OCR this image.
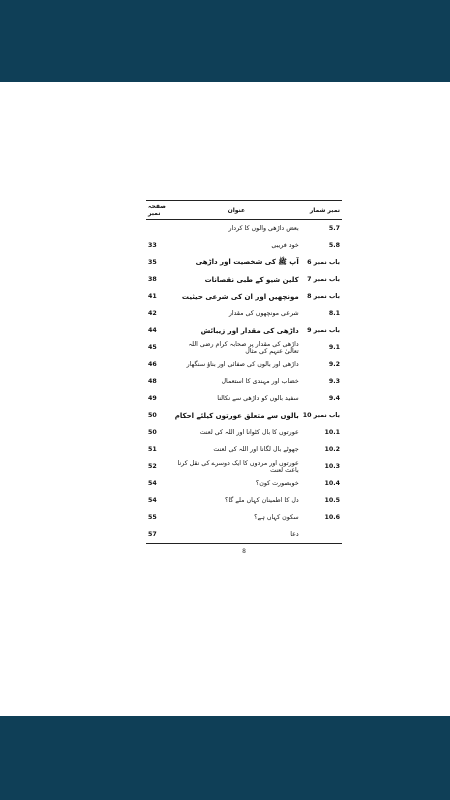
صفحہ نمبر	عنوان	نمبر شمار
	بعض داڑھی والوں کا کردار	5.7
33	خود فریبی	5.8
35	آپ ﷺ کی شخصیت اور داڑھی	باب نمبر 6
38	کلین شیو کے طبی نقصانات	باب نمبر 7
41	مونچھیں اور ان کی شرعی حیثیت	باب نمبر 8
42	شرعی مونچھوں کی مقدار	8.1
44	داڑھی کی مقدار اور زیبائش	باب نمبر 9
45	داڑھی کی مقدار پر صحابہ کرام رضی اللہ تعالیٰ عنہم کی مثال	9.1
46	داڑھی اور بالوں کی صفائی اور بناؤ سنگھار	9.2
48	خضاب اور مہندی کا استعمال	9.3
49	سفید بالوں کو داڑھی سے نکالنا	9.4
50	بالوں سے متعلق عورتوں کیلئے احکام	باب نمبر 10
50	عورتوں کا بال کٹوانا اور اللہ کی لعنت	10.1
51	جھوٹے بال لگانا اور اللہ کی لعنت	10.2
52	عورتوں اور مردوں کا ایک دوسرے کی نقل کرنا باعث لعنت	10.3
54	خوبصورت کون؟	10.4
54	دل کا اطمینان کہاں ملے گا؟	10.5
55	سکون کہاں ہے؟	10.6
57	دعا	
8
